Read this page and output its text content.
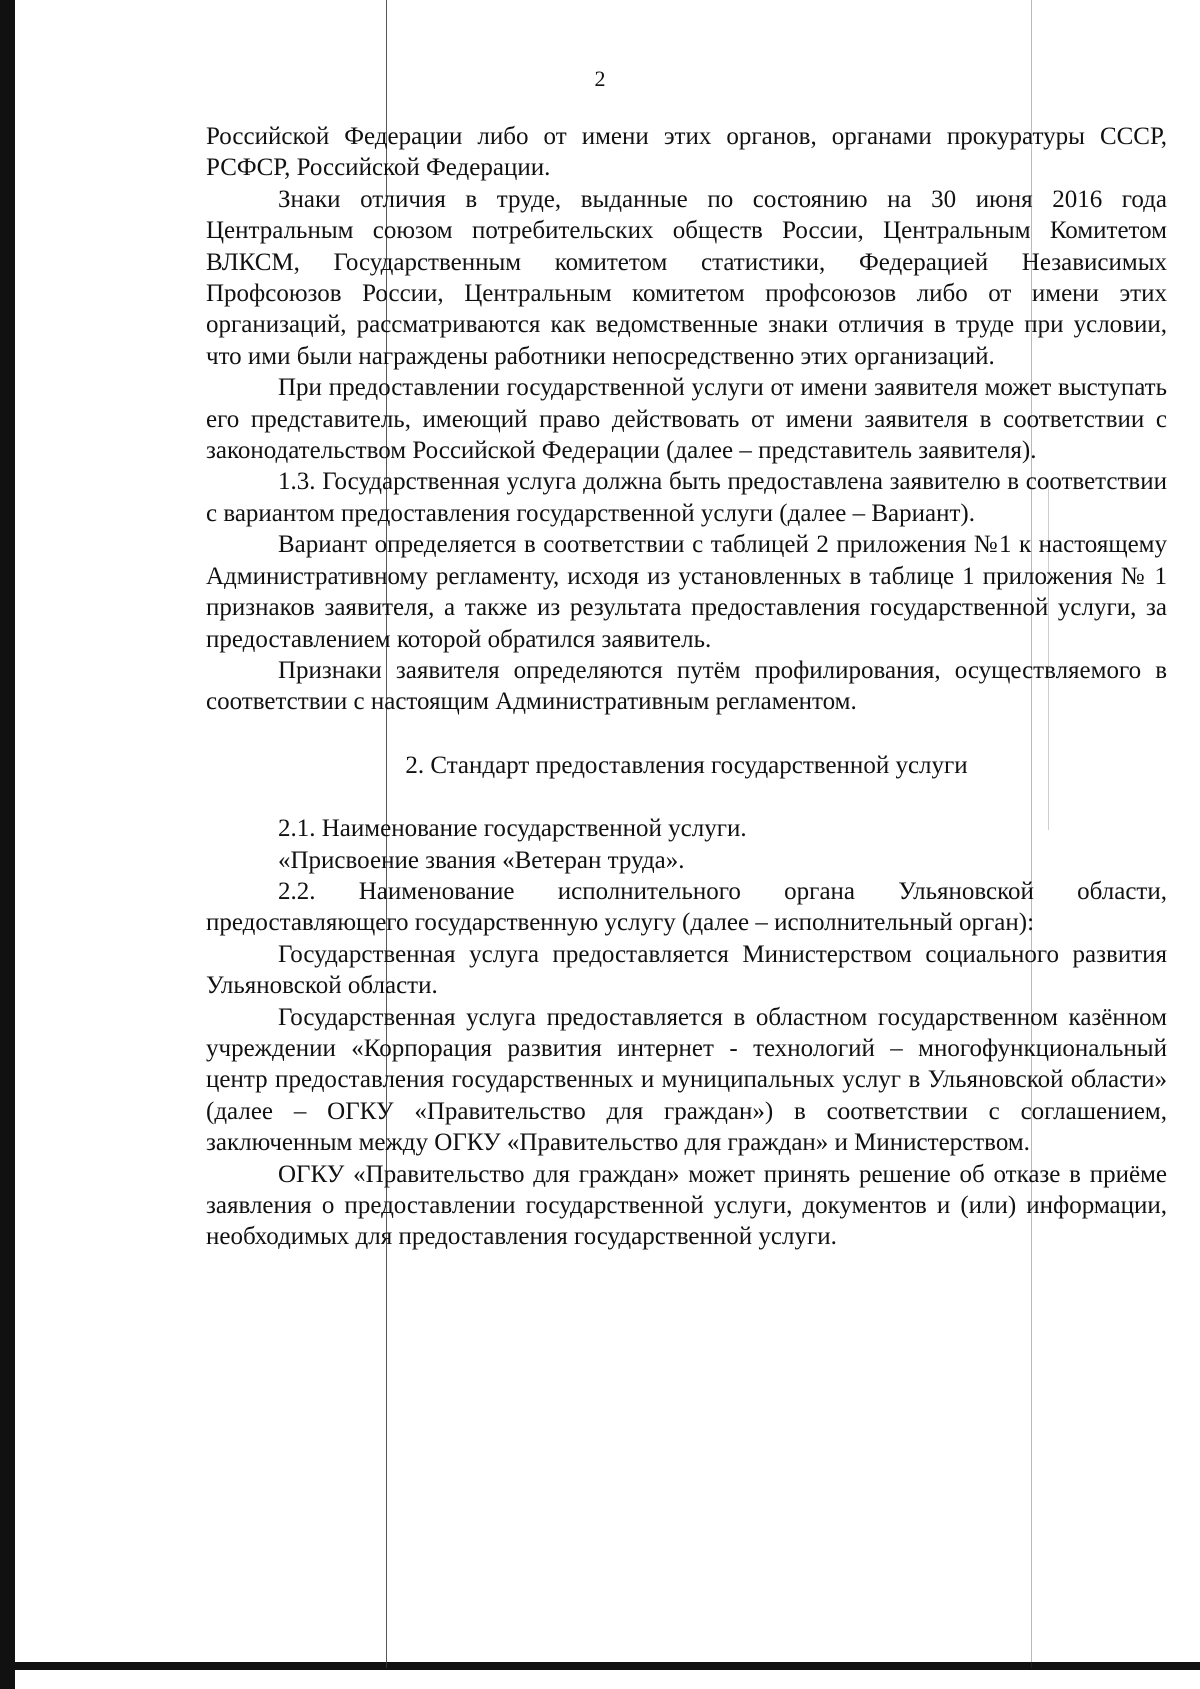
2

Российской Федерации либо от имени этих органов, органами прокуратуры СССР, РСФСР, Российской Федерации.

Знаки отличия в труде, выданные по состоянию на 30 июня 2016 года Центральным союзом потребительских обществ России, Центральным Комитетом ВЛКСМ, Государственным комитетом статистики, Федерацией Независимых Профсоюзов России, Центральным комитетом профсоюзов либо от имени этих организаций, рассматриваются как ведомственные знаки отличия в труде при условии, что ими были награждены работники непосредственно этих организаций.

При предоставлении государственной услуги от имени заявителя может выступать его представитель, имеющий право действовать от имени заявителя в соответствии с законодательством Российской Федерации (далее – представитель заявителя).

1.3. Государственная услуга должна быть предоставлена заявителю в соответствии с вариантом предоставления государственной услуги (далее – Вариант).

Вариант определяется в соответствии с таблицей 2 приложения №1 к настоящему Административному регламенту, исходя из установленных в таблице 1 приложения № 1 признаков заявителя, а также из результата предоставления государственной услуги, за предоставлением которой обратился заявитель.

Признаки заявителя определяются путём профилирования, осуществляемого в соответствии с настоящим Административным регламентом.

2. Стандарт предоставления государственной услуги

2.1. Наименование государственной услуги.

«Присвоение звания «Ветеран труда».

2.2. Наименование исполнительного органа Ульяновской области, предоставляющего государственную услугу (далее – исполнительный орган):

Государственная услуга предоставляется Министерством социального развития Ульяновской области.

Государственная услуга предоставляется в областном государственном казённом учреждении «Корпорация развития интернет - технологий – многофункциональный центр предоставления государственных и муниципальных услуг в Ульяновской области» (далее – ОГКУ «Правительство для граждан») в соответствии с соглашением, заключенным между ОГКУ «Правительство для граждан» и Министерством.

ОГКУ «Правительство для граждан» может принять решение об отказе в приёме заявления о предоставлении государственной услуги, документов и (или) информации, необходимых для предоставления государственной услуги.
